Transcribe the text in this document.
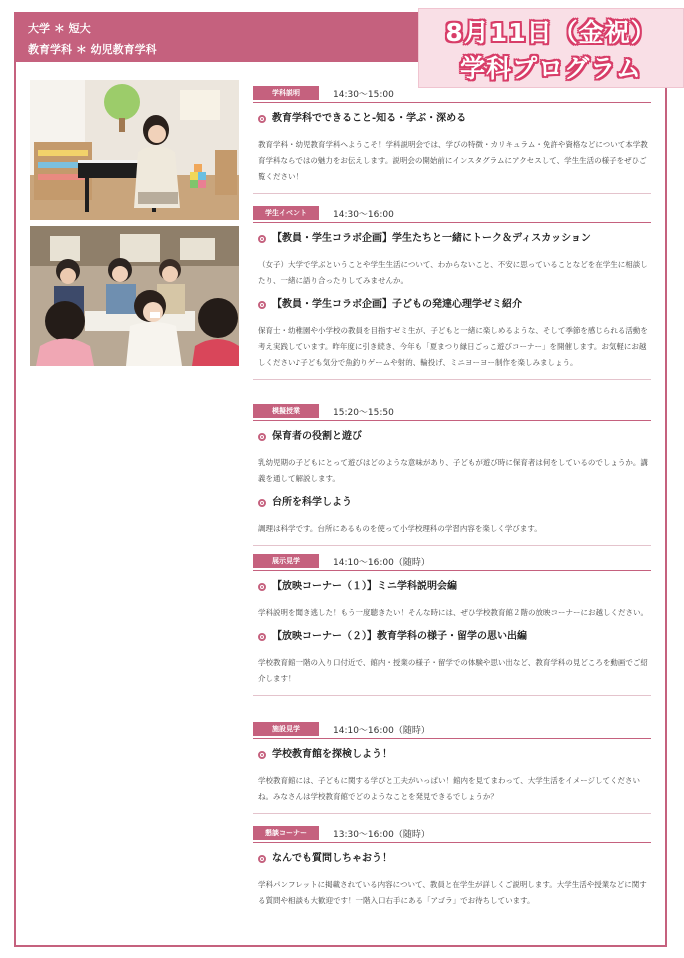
大学 ＊ 短大
教育学科 ＊ 幼児教育学科
8月11日（金祝）
学科プログラム
学科説明	14:30〜15:00
教育学科でできること-知る・学ぶ・深める
教育学科・幼児教育学科へようこそ！学科説明会では、学びの特徴・カリキュラム・免許や資格などについて本学教育学科ならではの魅力をお伝えします。説明会の開始前にインスタグラムにアクセスして、学生生活の様子をぜひご覧ください！
学生イベント	14:30〜16:00
【教員・学生コラボ企画】学生たちと一緒にトーク＆ディスカッション
（女子）大学で学ぶということや学生生活について、わからないこと、不安に思っていることなどを在学生に相談したり、一緒に語り合ったりしてみませんか。
【教員・学生コラボ企画】子どもの発達心理学ゼミ紹介
保育士・幼稚園や小学校の教員を目指すゼミ生が、子どもと一緒に楽しめるような、そして季節を感じられる活動を考え実践しています。昨年度に引き続き、今年も「夏まつり縁日ごっこ遊びコーナー」を開催します。お気軽にお越しください♪子ども気分で魚釣りゲームや射的、輪投げ、ミニヨーヨー制作を楽しみましょう。
模擬授業	15:20〜15:50
保育者の役割と遊び
乳幼児期の子どもにとって遊びはどのような意味があり、子どもが遊び時に保育者は何をしているのでしょうか。講義を通して解説します。
台所を科学しよう
調理は科学です。台所にあるものを使って小学校理科の学習内容を楽しく学びます。
展示見学	14:10〜16:00（随時）
【放映コーナー（１）】ミニ学科説明会編
学科説明を聞き逃した！もう一度聴きたい！そんな時には、ぜひ学校教育館２階の放映コーナーにお越しください。
【放映コーナー（２）】教育学科の様子・留学の思い出編
学校教育館一階の入り口付近で、館内・授業の様子・留学での体験や思い出など、教育学科の見どころを動画でご紹介します！
施設見学	14:10〜16:00（随時）
学校教育館を探検しよう！
学校教育館には、子どもに関する学びと工夫がいっぱい！館内を見てまわって、大学生活をイメージしてくださいね。みなさんは学校教育館でどのようなことを発見できるでしょうか？
懇談コーナー	13:30〜16:00（随時）
なんでも質問しちゃおう！
学科パンフレットに掲載されている内容について、教員と在学生が詳しくご説明します。大学生活や授業などに関する質問や相談も大歓迎です！一階入口右手にある「アゴラ」でお待ちしています。
